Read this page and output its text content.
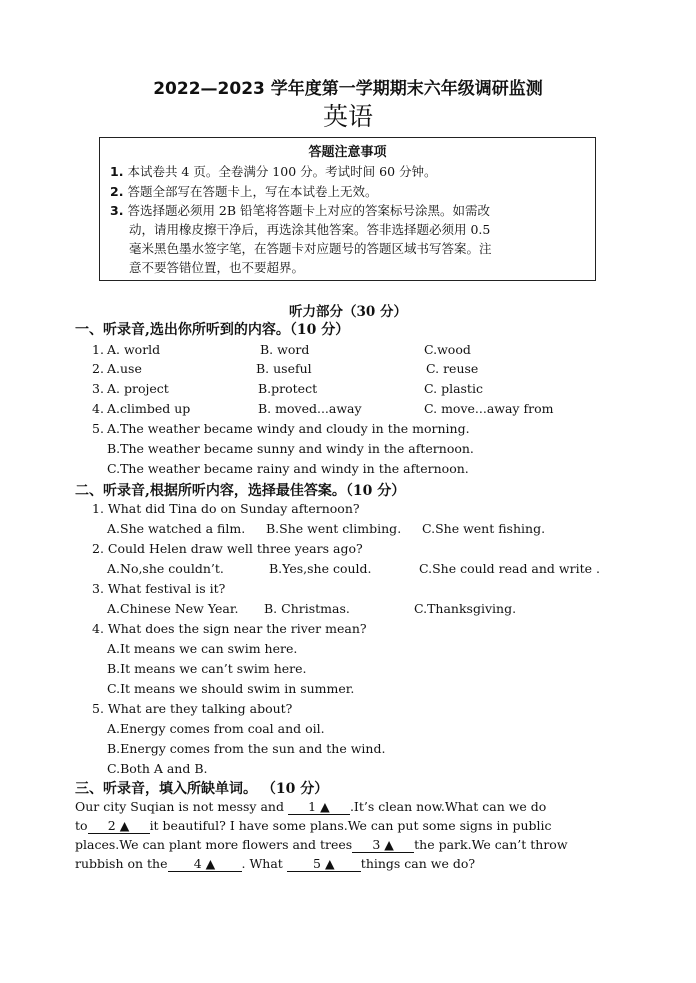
2022—2023 学年度第一学期期末六年级调研监测
英语
答题注意事项
1. 本试卷共 4 页。全卷满分 100 分。考试时间 60 分钟。
2. 答题全部写在答题卡上，写在本试卷上无效。
3. 答选择题必须用 2B 铅笔将答题卡上对应的答案标号涂黑。如需改
动，请用橡皮擦干净后，再选涂其他答案。答非选择题必须用 0.5
毫米黑色墨水签字笔，在答题卡对应题号的答题区域书写答案。注
意不要答错位置，也不要超界。
听力部分（30 分）
一、听录音,选出你所听到的内容。（10 分）
1. A. world	B. word	C.wood
2. A.use	B. useful	C. reuse
3. A. project	B.protect	C. plastic
4. A.climbed up	B. moved...away	C. move...away from
5. A.The weather became windy and cloudy in the morning.
B.The weather became sunny and windy in the afternoon.
C.The weather became rainy and windy in the afternoon.
二、听录音,根据所听内容，选择最佳答案。（10 分）
1. What did Tina do on Sunday afternoon?
A.She watched a film. B.She went climbing. C.She went fishing.
2. Could Helen draw well three years ago?
A.No,she couldn’t.	B.Yes,she could.	C.She could read and write .
3. What festival is it?
A.Chinese New Year. B. Christmas.	C.Thanksgiving.
4. What does the sign near the river mean?
A.It means we can swim here.
B.It means we can’t swim here.
C.It means we should swim in summer.
5. What are they talking about?
A.Energy comes from coal and oil.
B.Energy comes from the sun and the wind.
C.Both A and B.
三、听录音，填入所缺单词。 （10 分）
Our city Suqian is not messy and 1 ▲ .It’s clean now.What can we do
to 2 ▲ it beautiful? I have some plans.We can put some signs in public
places.We can plant more flowers and trees 3 ▲ the park.We can’t throw
rubbish on the 4 ▲ . What 5 ▲ things can we do?
